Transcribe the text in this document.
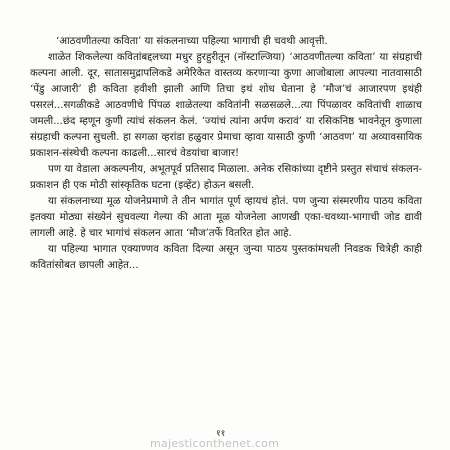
‘आठवणीतल्या कविता’ या संकलनाच्या पहिल्या भागाची ही चवथी आवृत्ती.

शाळेत शिकलेल्या कवितांबद्दलच्या मधुर हुरहुरीतून (नॉस्टाल्जिया) ‘आठवणीतल्या कविता’ या संग्रहाची कल्पना आली. दूर, सातासमुद्रापलिकडे अमेरिकेत वास्तव्य करणाऱ्या कुणा आजोबाला आपल्या नातवासाठी ‘पेंडु आजारी’ ही कविता हवीशी झाली आणि तिचा इथं शोध घेताना हे ‘मौज’चं आजारपण इथंही पसरलं...सगळीकडे आठवणीचे पिंपळ शाळेतल्या कवितांनी सळसळले...त्या पिंपळावर कवितांची शाळाच जमली...छंद म्हणून कुणी त्यांचं संकलन केलं. ‘ज्यांचं त्यांना अर्पण करावं’ या रसिकनिष्ठ भावनेतून कुणाला संग्रहाची कल्पना सुचली. हा सगळा व्हरांडा हळुवार प्रेमाचा व्हावा यासाठी कुणी ‘आठवण’ या अव्यावसायिक प्रकाशन-संस्थेची कल्पना काढली...सारचं वेडयांचा बाजार!

पण या वेडाला अकल्पनीय, अभूतपूर्व प्रतिसाद मिळाला. अनेक रसिकांच्या दृष्टीने प्रस्तुत संचाचं संकलन-प्रकाशन ही एक मोठी सांस्कृतिक घटना (इव्हेंट) होऊन बसली.

या संकलनाच्या मूळ योजनेप्रमाणे ते तीन भागांत पूर्ण व्हायचं होतं. पण जुन्या संस्मरणीय पाठय कविता इतक्या मोठ्या संख्येनं सुचवल्या गेल्या की आता मूळ योजनेला आणखी एका-चवथ्या-भागाची जोड द्यावी लागली आहे. हे चार भागांचं संकलन आता ‘मौज’तर्फे वितरित होत आहे.

या पहिल्या भागात एक्याण्णव कविता दिल्या असून जुन्या पाठय पुस्तकांमधली निवडक चित्रेही काही कवितांसोबत छापली आहेत...

११
majesticonthenet.com
